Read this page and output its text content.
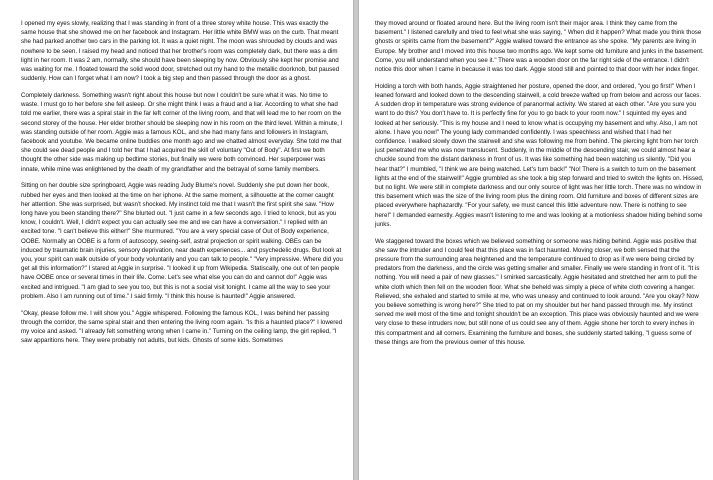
I opened my eyes slowly, realizing that I was standing in front of a three storey white house. This was exactly the same house that she showed me on her facebook and Instagram. Her little white BMW was on the curb. That meant she had parked another two cars in the parking lot. It was a quiet night. The moon was shrouded by clouds and was nowhere to be seen. I raised my head and noticed that her brother's room was completely dark, but there was a dim light in her room. It was 2 am, normally, she should have been sleeping by now. Obviously she kept her promise and was waiting for me. I floated toward the solid wood door, stretched out my hand to the metallic doorknob, but paused suddenly. How can I forget what I am now? I took a big step and then passed through the door as a ghost.

Completely darkness. Something wasn't right about this house but now I couldn't be sure what it was. No time to waste. I must go to her before she fell asleep. Or she might think I was a fraud and a liar. According to what she had told me earlier, there was a spiral stair in the far left corner of the living room, and that will lead me to her room on the second storey of the house. Her elder brother should be sleeping now in his room on the third level. Within a minute, I was standing outside of her room. Aggie was a famous KOL, and she had many fans and followers in Instagram, facebook and youtube. We became online buddies one month ago and we chatted almost everyday. She told me that she could see dead people and I told her that I had acquired the skill of voluntary "Out of Body". At first we both thought the other side was making up bedtime stories, but finally we were both convinced. Her superpower was innate, while mine was enlightened by the death of my grandfather and the betrayal of some family members.

Sitting on her double size springboard, Aggie was reading Judy Blume's novel. Suddenly she put down her book, rubbed her eyes and then looked at the time on her iphone. At the same moment, a silhouette at the corner caught her attention. She was surprised, but wasn't shocked. My instinct told me that I wasn't the first spirit she saw. "How long have you been standing there?" She blurted out. "I just came in a few seconds ago. I tried to knock, but as you know, I couldn't. Well, I didn't expect you can actually see me and we can have a conversation." I replied with an excited tone. "I can't believe this either!" She murmured. "You are a very special case of Out of Body experience, OOBE. Normally an OOBE is a form of autoscopy, seeing-self, astral projection or spirit walking. OBEs can be induced by traumatic brain injuries, sensory deprivation, near death experiences... and psychedelic drugs. But look at you, your spirit can walk outside of your body voluntarily and you can talk to people." "Very impressive. Where did you get all this information?" I stared at Aggie in surprise. "I looked it up from Wikipedia. Statiscally, one out of ten people have OOBE once or several times in their life. Come. Let's see what else you can do and cannot do!" Aggie was excited and intrigued. "I am glad to see you too, but this is not a social visit tonight. I came all the way to see your problem. Also I am running out of time." I said firmly. "I think this house is haunted!" Aggie answered.

"Okay, please follow me. I will show you." Aggie whispered. Following the famous KOL, I was behind her passing through the corridor, the same spiral stair and then entering the living room again. "Is this a haunted place?" I lowered my voice and asked. "I already felt something wrong when I came in." Turning on the ceiling lamp, the girl replied, "I saw apparitions here. They were probably not adults, but kids. Ghosts of some kids. Sometimes

they moved around or floated around here. But the living room isn't their major area. I think they came from the basement." I listened carefully and tried to feel what she was saying, " When did it happen? What made you think those ghosts or spirits came from the basement?" Aggie walked toward the entrance as she spoke. "My parents are living in Europe. My brother and I moved into this house two months ago. We kept some old furniture and junks in the basement. Come, you will understand when you see it." There was a wooden door on the far right side of the entrance. I didn't notice this door when I came in because it was too dark. Aggie stood still and pointed to that door with her index finger.

Holding a torch with both hands, Aggie straightened her posture, opened the door, and ordered, "you go first!" When I leaned forward and looked down to the descending stairwell, a cold breeze wafted up from below and across our faces. A sudden drop in temperature was strong evidence of paranormal activity. We stared at each other. "Are you sure you want to do this? You don't have to. It is perfectly fine for you to go back to your room now." I squinted my eyes and looked at her seriously. "This is my house and I need to know what is occupying my basement and why. Also, I am not alone. I have you now!" The young lady commanded confidently. I was speechless and wished that I had her confidence. I walked slowly down the stairwell and she was following me from behind. The piercing light from her torch just penetrated me who was now translucent. Suddenly, in the middle of the descending stair, we could almost hear a chuckle sound from the distant darkness in front of us. It was like something had been watching us silently. "Did you hear that?" I mumbled, "I think we are being watched. Let's turn back!" "No! There is a switch to turn on the basement lights at the end of the stairwell!" Aggie grumbled as she took a big step forward and tried to switch the lights on. Hissed, but no light. We were still in complete darkness and our only source of light was her little torch. There was no window in this basement which was the size of the living room plus the dining room. Old furniture and boxes of different sizes are placed everywhere haphazardly. "For your safety, we must cancel this little adventure now. There is nothing to see here!" I demanded earnestly. Aggies wasn't listening to me and was looking at a motionless shadow hiding behind some junks.

We staggered toward the boxes which we believed something or someone was hiding behind. Aggie was positive that she saw the intruder and I could feel that this place was in fact haunted. Moving closer, we both sensed that the pressure from the surrounding area heightened and the temperature continued to drop as if we were being circled by predators from the darkness, and the circle was getting smaller and smaller. Finally we were standing in front of it. "It is nothing. You will need a pair of new glasses." I smirked sarcastically. Aggie hesitated and stretched her arm to pull the white cloth which then fell on the wooden floor. What she beheld was simply a piece of white cloth covering a hanger. Relieved, she exhaled and started to smile at me, who was uneasy and continued to look around. "Are you okay? Now you believe something is wrong here?" She tried to pat on my shoulder but her hand passed through me. My instinct served me well most of the time and tonight shouldn't be an exception. This place was obviously haunted and we were very close to these intruders now, but still none of us could see any of them. Aggie shone her torch to every inches in this compartment and all corners. Examining the furniture and boxes, she suddenly started talking, "I guess some of these things are from the previous owner of this house.
